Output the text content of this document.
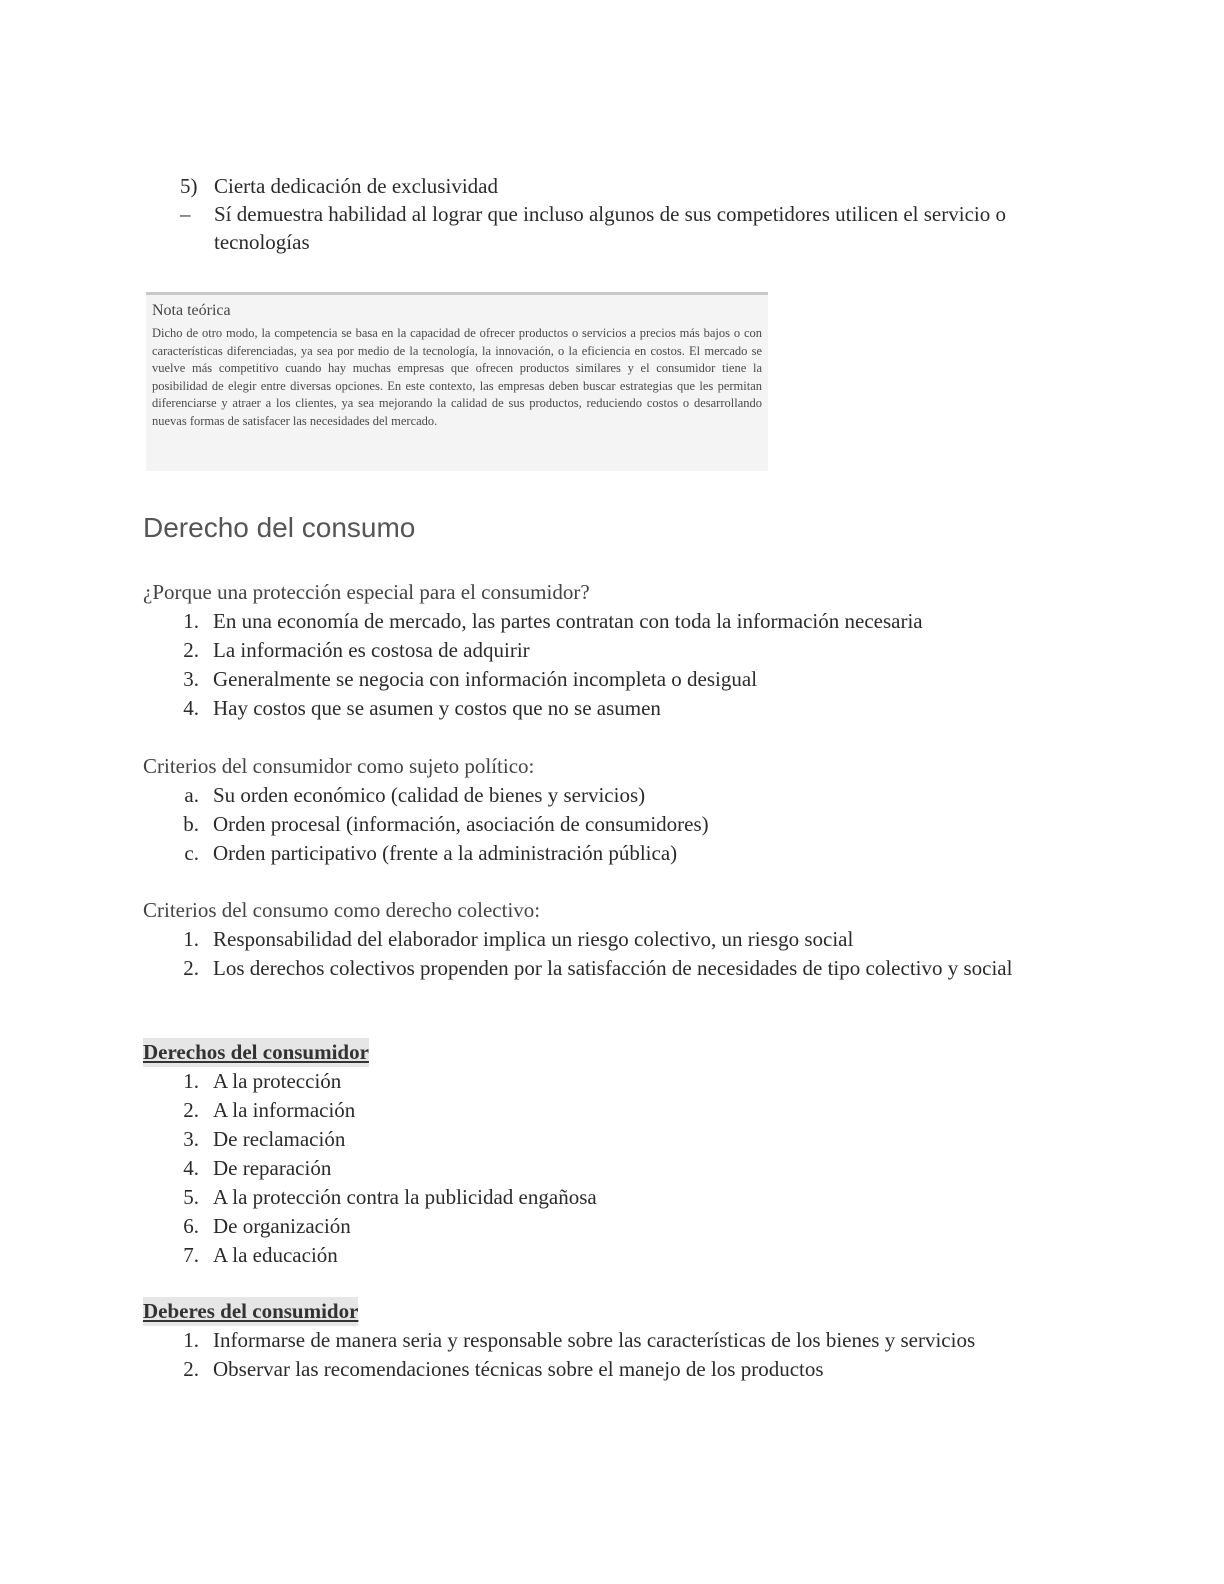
5) Cierta dedicación de exclusividad
–	Sí demuestra habilidad al lograr que incluso algunos de sus competidores utilicen el servicio o tecnologías
Nota teórica
Dicho de otro modo, la competencia se basa en la capacidad de ofrecer productos o servicios a precios más bajos o con características diferenciadas, ya sea por medio de la tecnología, la innovación, o la eficiencia en costos. El mercado se vuelve más competitivo cuando hay muchas empresas que ofrecen productos similares y el consumidor tiene la posibilidad de elegir entre diversas opciones. En este contexto, las empresas deben buscar estrategias que les permitan diferenciarse y atraer a los clientes, ya sea mejorando la calidad de sus productos, reduciendo costos o desarrollando nuevas formas de satisfacer las necesidades del mercado.
Derecho del consumo
¿Porque una protección especial para el consumidor?
1. En una economía de mercado, las partes contratan con toda la información necesaria
2. La información es costosa de adquirir
3. Generalmente se negocia con información incompleta o desigual
4. Hay costos que se asumen y costos que no se asumen
Criterios del consumidor como sujeto político:
a. Su orden económico (calidad de bienes y servicios)
b. Orden procesal (información, asociación de consumidores)
c. Orden participativo (frente a la administración pública)
Criterios del consumo como derecho colectivo:
1. Responsabilidad del elaborador implica un riesgo colectivo, un riesgo social
2. Los derechos colectivos propenden por la satisfacción de necesidades de tipo colectivo y social
Derechos del consumidor
1. A la protección
2. A la información
3. De reclamación
4. De reparación
5. A la protección contra la publicidad engañosa
6. De organización
7. A la educación
Deberes del consumidor
1. Informarse de manera seria y responsable sobre las características de los bienes y servicios
2. Observar las recomendaciones técnicas sobre el manejo de los productos
